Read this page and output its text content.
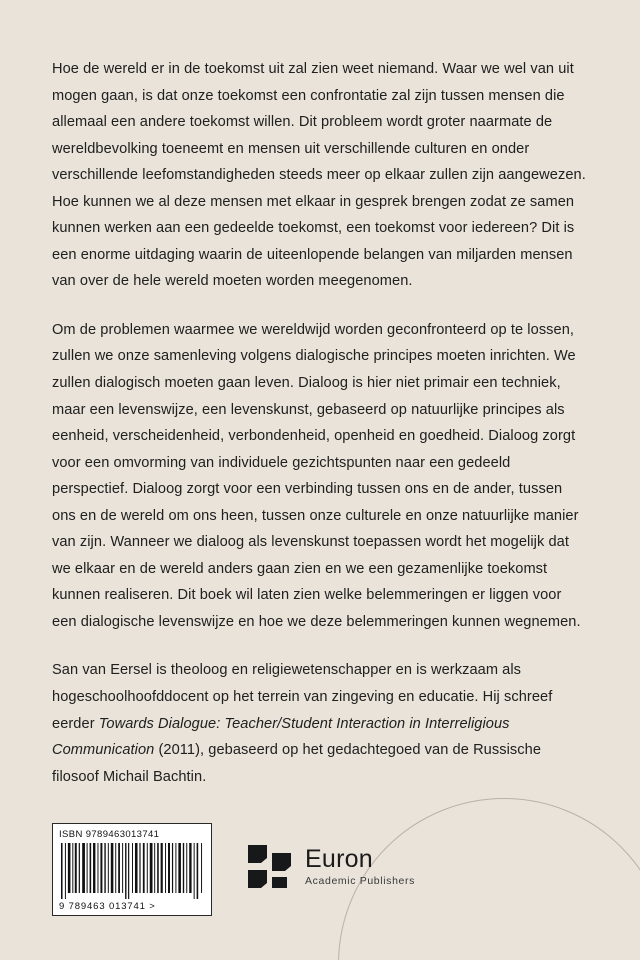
Hoe de wereld er in de toekomst uit zal zien weet niemand. Waar we wel van uit mogen gaan, is dat onze toekomst een confrontatie zal zijn tussen mensen die allemaal een andere toekomst willen. Dit probleem wordt groter naarmate de wereldbevolking toeneemt en mensen uit verschillende culturen en onder verschillende leefomstandigheden steeds meer op elkaar zullen zijn aangewezen. Hoe kunnen we al deze mensen met elkaar in gesprek brengen zodat ze samen kunnen werken aan een gedeelde toekomst, een toekomst voor iedereen? Dit is een enorme uitdaging waarin de uiteenlopende belangen van miljarden mensen van over de hele wereld moeten worden meegenomen.

Om de problemen waarmee we wereldwijd worden geconfronteerd op te lossen, zullen we onze samenleving volgens dialogische principes moeten inrichten. We zullen dialogisch moeten gaan leven. Dialoog is hier niet primair een techniek, maar een levenswijze, een levenskunst, gebaseerd op natuurlijke principes als eenheid, verscheidenheid, verbondenheid, openheid en goedheid. Dialoog zorgt voor een omvorming van individuele gezichtspunten naar een gedeeld perspectief. Dialoog zorgt voor een verbinding tussen ons en de ander, tussen ons en de wereld om ons heen, tussen onze culturele en onze natuurlijke manier van zijn. Wanneer we dialoog als levenskunst toepassen wordt het mogelijk dat we elkaar en de wereld anders gaan zien en we een gezamenlijke toekomst kunnen realiseren. Dit boek wil laten zien welke belemmeringen er liggen voor een dialogische levenswijze en hoe we deze belemmeringen kunnen wegnemen.

San van Eersel is theoloog en religiewetenschapper en is werkzaam als hogeschoolhoofddocent op het terrein van zingeving en educatie. Hij schreef eerder Towards Dialogue: Teacher/Student Interaction in Interreligious Communication (2011), gebaseerd op het gedachtegoed van de Russische filosoof Michail Bachtin.

ISBN 9789463013741
9 789463 013741 >
Euron
Academic Publishers
